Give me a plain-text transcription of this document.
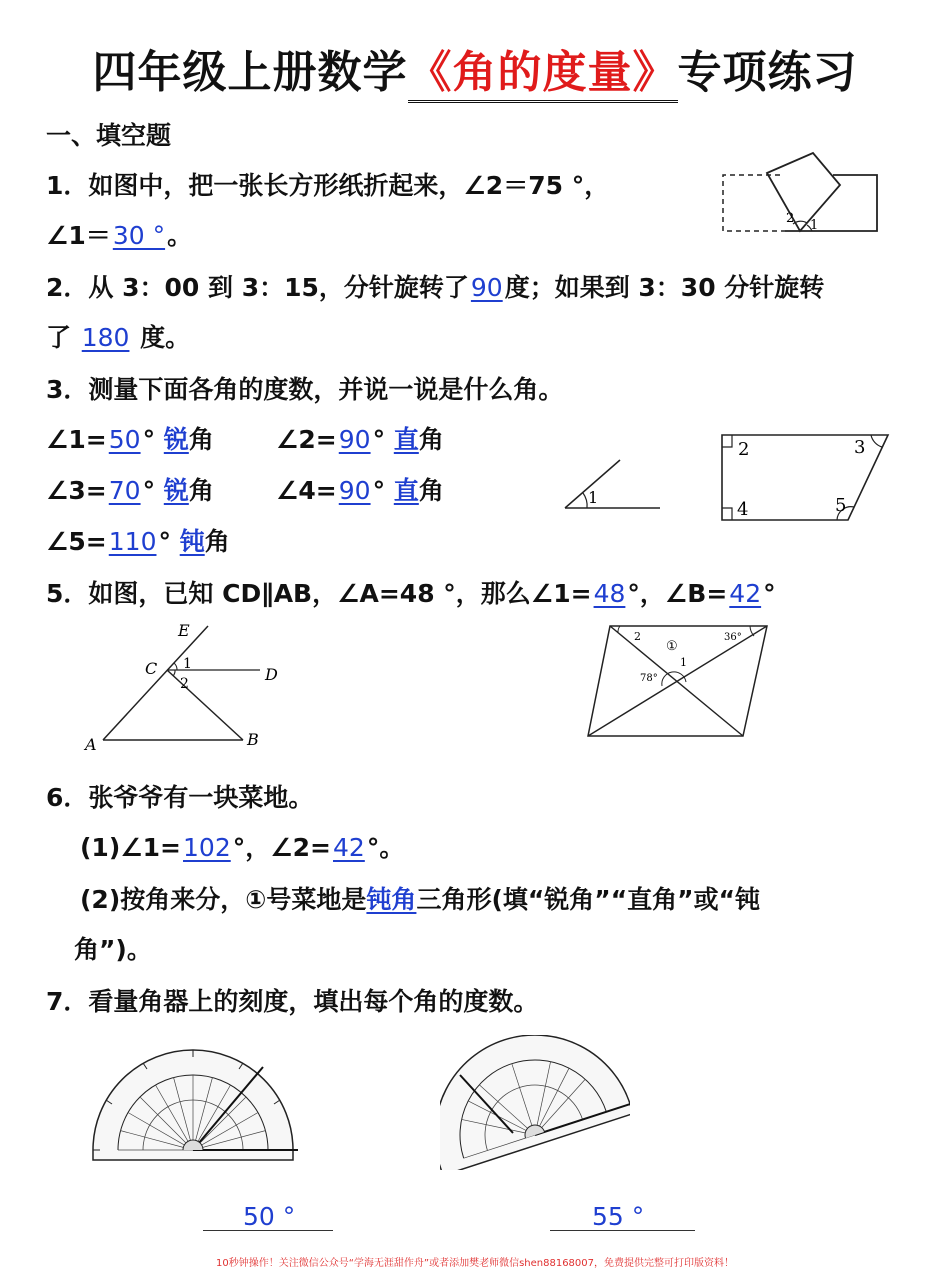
四年级上册数学《角的度量》专项练习
一、填空题
1．如图中，把一张长方形纸折起来，∠2＝75 °，
∠1＝30 °。
2 1
2．从 3：00 到 3：15，分针旋转了90度；如果到 3：30 分针旋转
了 180 度。
3．测量下面各角的度数，并说一说是什么角。
∠1=50° 锐角 ∠2=90° 直角
∠3=70° 锐角 ∠4=90° 直角
∠5=110° 钝角
1
2	3
4	5
5．如图，已知 CD∥AB，∠A=48 °，那么∠1=48°，∠B=42°
E
C	D
A	B
1
2
2
①
36°
1
78°
6．张爷爷有一块菜地。
(1)∠1=102°，∠2=42°。
(2)按角来分，①号菜地是钝角三角形(填“锐角”“直角”或“钝
角”)。
7．看量角器上的刻度，填出每个角的度数。
50 °	55 °
10秒钟操作！关注微信公众号“学海无涯甜作舟”或者添加樊老师微信shen88168007，免费提供完整可打印版资料！
